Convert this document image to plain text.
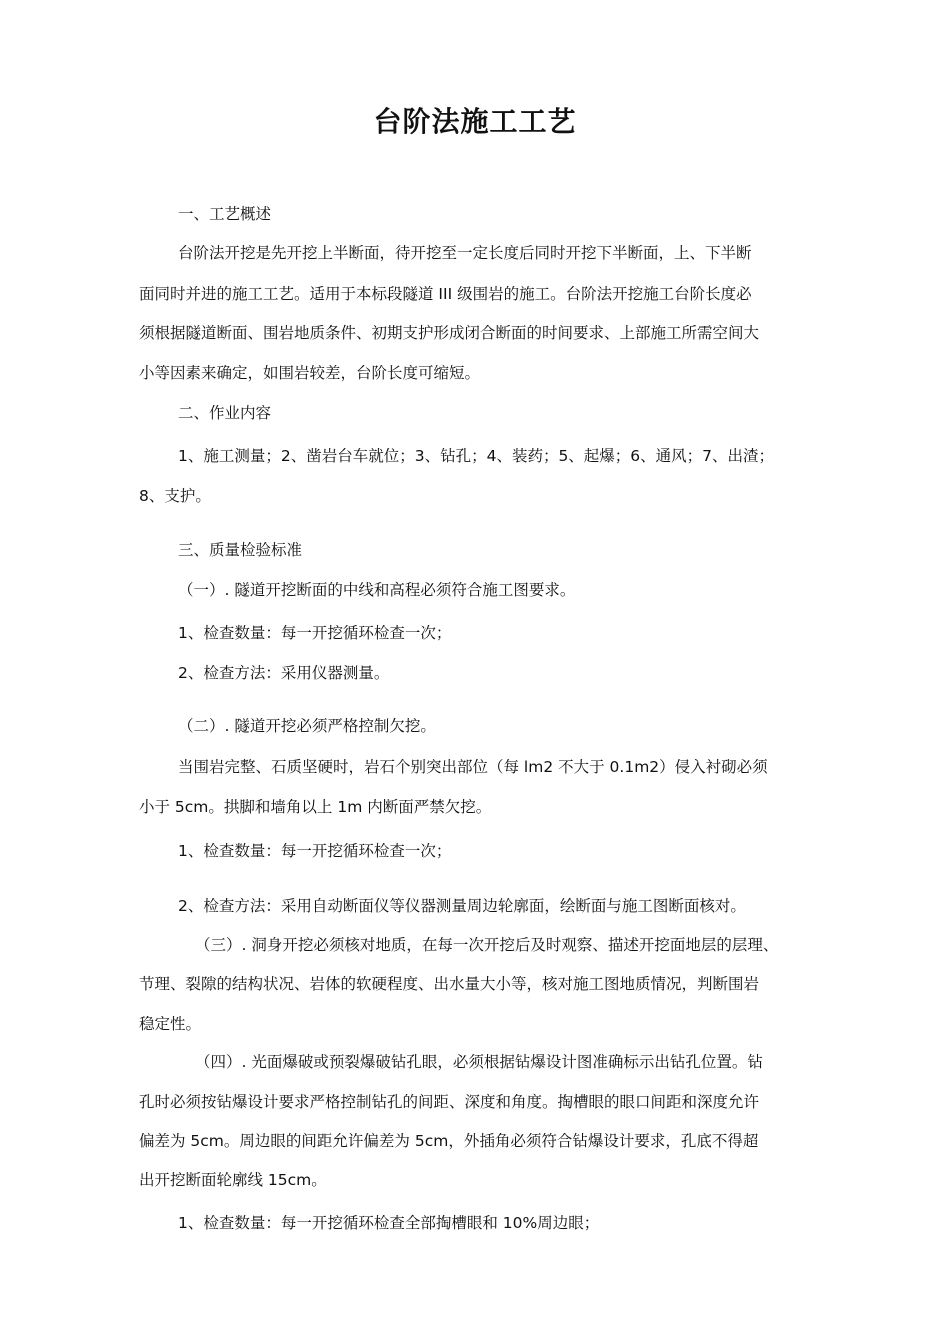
台阶法施工工艺
一、工艺概述
台阶法开挖是先开挖上半断面，待开挖至一定长度后同时开挖下半断面，上、下半断
面同时并进的施工工艺。适用于本标段隧道 III 级围岩的施工。台阶法开挖施工台阶长度必
须根据隧道断面、围岩地质条件、初期支护形成闭合断面的时间要求、上部施工所需空间大
小等因素来确定，如围岩较差，台阶长度可缩短。
二、作业内容
1、施工测量；2、凿岩台车就位；3、钻孔；4、装药；5、起爆；6、通风；7、出渣；
8、支护。
三、质量检验标准
（一）. 隧道开挖断面的中线和高程必须符合施工图要求。
1、检查数量：每一开挖循环检查一次；
2、检查方法：采用仪器测量。
（二）. 隧道开挖必须严格控制欠挖。
当围岩完整、石质坚硬时，岩石个别突出部位（每 lm2 不大于 0.1m2）侵入衬砌必须
小于 5cm。拱脚和墙角以上 1m 内断面严禁欠挖。
1、检查数量：每一开挖循环检查一次；
2、检查方法：采用自动断面仪等仪器测量周边轮廓面，绘断面与施工图断面核对。
（三）. 洞身开挖必须核对地质，在每一次开挖后及时观察、描述开挖面地层的层理、
节理、裂隙的结构状况、岩体的软硬程度、出水量大小等，核对施工图地质情况，判断围岩
稳定性。
（四）. 光面爆破或预裂爆破钻孔眼，必须根据钻爆设计图准确标示出钻孔位置。钻
孔时必须按钻爆设计要求严格控制钻孔的间距、深度和角度。掏槽眼的眼口间距和深度允许
偏差为 5cm。周边眼的间距允许偏差为 5cm，外插角必须符合钻爆设计要求，孔底不得超
出开挖断面轮廓线 15cm。
1、检查数量：每一开挖循环检查全部掏槽眼和 10%周边眼；
